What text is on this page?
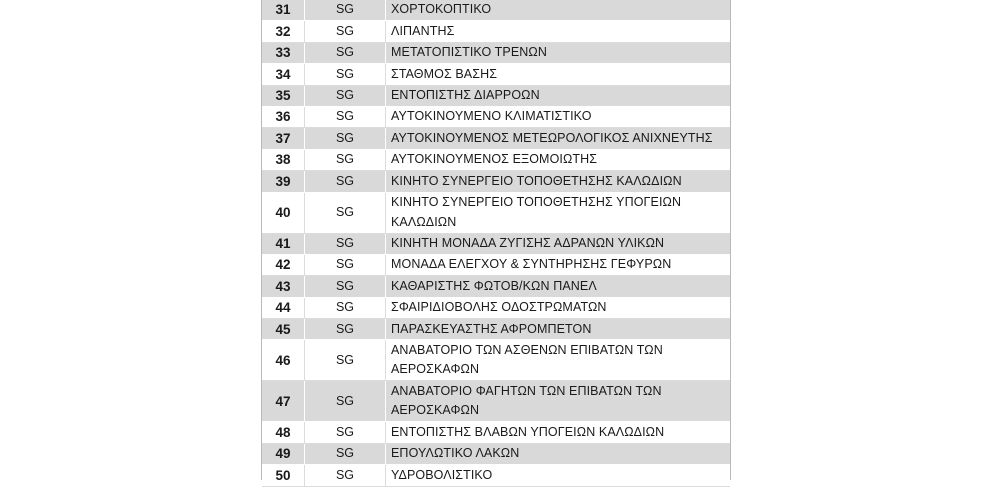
31	SG	ΧΟΡΤΟΚΟΠΤΙΚΟ
32	SG	ΛΙΠΑΝΤΗΣ
33	SG	ΜΕΤΑΤΟΠΙΣΤΙΚΟ ΤΡΕΝΩΝ
34	SG	ΣΤΑΘΜΟΣ ΒΑΣΗΣ
35	SG	ΕΝΤΟΠΙΣΤΗΣ ΔΙΑΡΡΟΩΝ
36	SG	ΑΥΤΟΚΙΝΟΥΜΕΝΟ ΚΛΙΜΑΤΙΣΤΙΚΟ
37	SG	ΑΥΤΟΚΙΝΟΥΜΕΝΟΣ ΜΕΤΕΩΡΟΛΟΓΙΚΟΣ ΑΝΙΧΝΕΥΤΗΣ
38	SG	ΑΥΤΟΚΙΝΟΥΜΕΝΟΣ ΕΞΟΜΟΙΩΤΗΣ
39	SG	ΚΙΝΗΤΟ ΣΥΝΕΡΓΕΙΟ ΤΟΠΟΘΕΤΗΣΗΣ ΚΑΛΩΔΙΩΝ
40	SG	ΚΙΝΗΤΟ ΣΥΝΕΡΓΕΙΟ ΤΟΠΟΘΕΤΗΣΗΣ ΥΠΟΓΕΙΩΝ ΚΑΛΩΔΙΩΝ
41	SG	ΚΙΝΗΤΗ ΜΟΝΑΔΑ ΖΥΓΙΣΗΣ ΑΔΡΑΝΩΝ ΥΛΙΚΩΝ
42	SG	ΜΟΝΑΔΑ ΕΛΕΓΧΟΥ & ΣΥΝΤΗΡΗΣΗΣ ΓΕΦΥΡΩΝ
43	SG	ΚΑΘΑΡΙΣΤΗΣ ΦΩΤΟΒ/ΚΩΝ ΠΑΝΕΛ
44	SG	ΣΦΑΙΡΙΔΙΟΒΟΛΗΣ ΟΔΟΣΤΡΩΜΑΤΩΝ
45	SG	ΠΑΡΑΣΚΕΥΑΣΤΗΣ ΑΦΡΟΜΠΕΤΟΝ
46	SG	ΑΝΑΒΑΤΟΡΙΟ ΤΩΝ ΑΣΘΕΝΩΝ ΕΠΙΒΑΤΩΝ ΤΩΝ ΑΕΡΟΣΚΑΦΩΝ
47	SG	ΑΝΑΒΑΤΟΡΙΟ ΦΑΓΗΤΩΝ ΤΩΝ ΕΠΙΒΑΤΩΝ ΤΩΝ ΑΕΡΟΣΚΑΦΩΝ
48	SG	ΕΝΤΟΠΙΣΤΗΣ ΒΛΑΒΩΝ ΥΠΟΓΕΙΩΝ ΚΑΛΩΔΙΩΝ
49	SG	ΕΠΟΥΛΩΤΙΚΟ ΛΑΚΩΝ
50	SG	ΥΔΡΟΒΟΛΙΣΤΙΚΟ
